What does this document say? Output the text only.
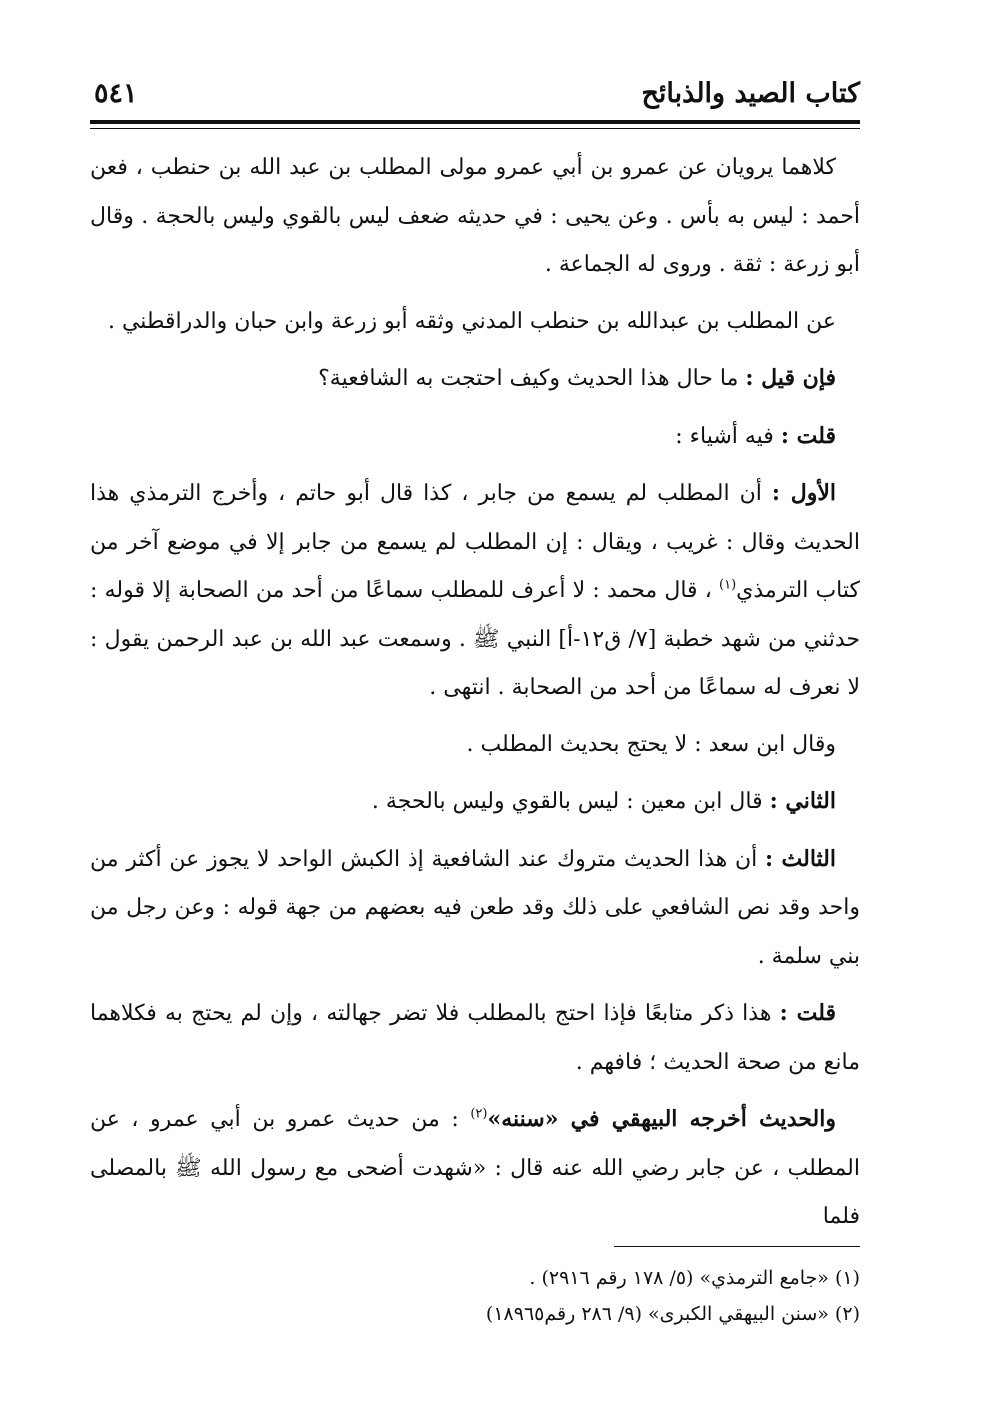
كتاب الصيد والذبائح
٥٤١

كلاهما يرويان عن عمرو بن أبي عمرو مولى المطلب بن عبد الله بن حنطب ، فعن أحمد : ليس به بأس . وعن يحيى : في حديثه ضعف ليس بالقوي وليس بالحجة . وقال أبو زرعة : ثقة . وروى له الجماعة .

عن المطلب بن عبدالله بن حنطب المدني وثقه أبو زرعة وابن حبان والدراقطني .

فإن قيل : ما حال هذا الحديث وكيف احتجت به الشافعية؟

قلت : فيه أشياء :

الأول : أن المطلب لم يسمع من جابر ، كذا قال أبو حاتم ، وأخرج الترمذي هذا الحديث وقال : غريب ، ويقال : إن المطلب لم يسمع من جابر إلا في موضع آخر من كتاب الترمذي$^{(١)}$ ، قال محمد : لا أعرف للمطلب سماعًا من أحد من الصحابة إلا قوله : حدثني من شهد خطبة [٧/ ق١٢-أ] النبي ﷺ . وسمعت عبد الله بن عبد الرحمن يقول : لا نعرف له سماعًا من أحد من الصحابة . انتهى .

وقال ابن سعد : لا يحتج بحديث المطلب .

الثاني : قال ابن معين : ليس بالقوي وليس بالحجة .

الثالث : أن هذا الحديث متروك عند الشافعية إذ الكبش الواحد لا يجوز عن أكثر من واحد وقد نص الشافعي على ذلك وقد طعن فيه بعضهم من جهة قوله : وعن رجل من بني سلمة .

قلت : هذا ذكر متابعًا فإذا احتج بالمطلب فلا تضر جهالته ، وإن لم يحتج به فكلاهما مانع من صحة الحديث ؛ فافهم .

والحديث أخرجه البيهقي في «سننه»$^{(٢)}$ : من حديث عمرو بن أبي عمرو ، عن المطلب ، عن جابر رضي الله عنه قال : «شهدت أضحى مع رسول الله ﷺ بالمصلى فلما

(١) «جامع الترمذي» (٥/ ١٧٨ رقم ٢٩١٦) .

(٢) «سنن البيهقي الكبرى» (٩/ ٢٨٦ رقم١٨٩٦٥)
